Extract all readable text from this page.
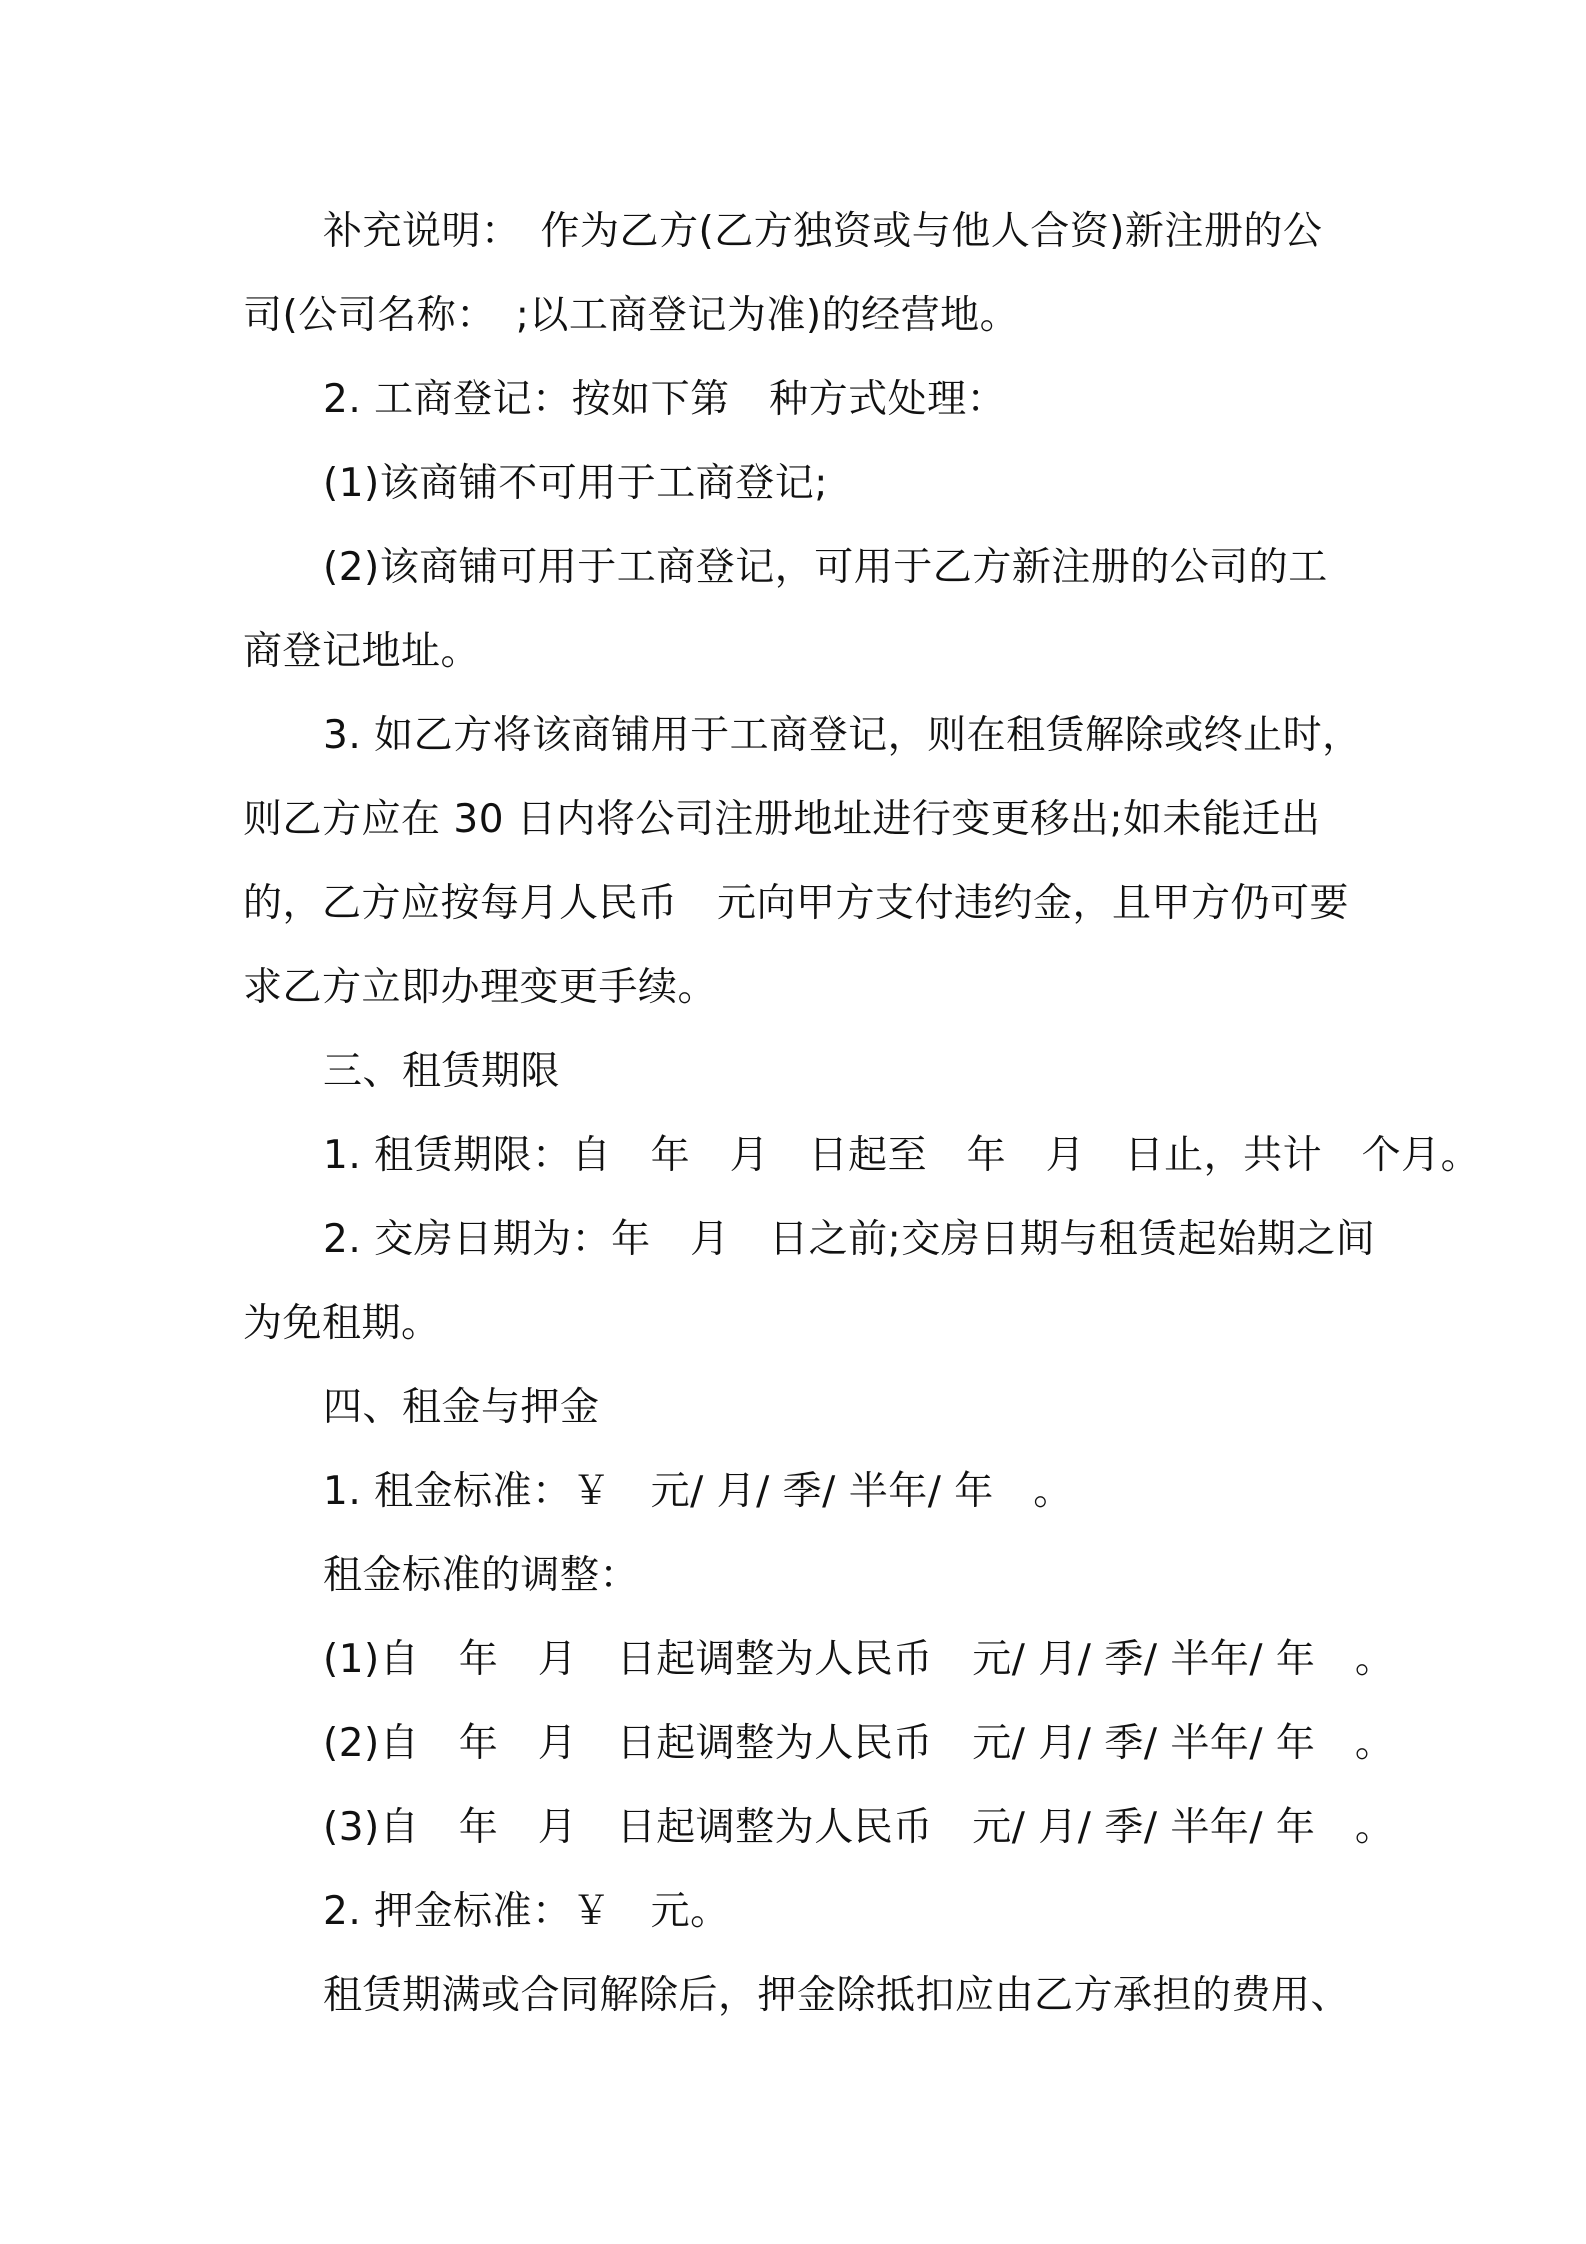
补充说明：　作为乙方(乙方独资或与他人合资)新注册的公
司(公司名称：　;以工商登记为准)的经营地。

2. 工商登记：按如下第　种方式处理：

(1)该商铺不可用于工商登记;

(2)该商铺可用于工商登记，可用于乙方新注册的公司的工
商登记地址。

3. 如乙方将该商铺用于工商登记，则在租赁解除或终止时，
则乙方应在 30 日内将公司注册地址进行变更移出;如未能迁出
的，乙方应按每月人民币　元向甲方支付违约金，且甲方仍可要
求乙方立即办理变更手续。

三、租赁期限

1. 租赁期限：自　年　月　日起至　年　月　日止，共计　个月。

2. 交房日期为：年　月　日之前;交房日期与租赁起始期之间
为免租期。

四、租金与押金

1. 租金标准：￥　元/ 月/ 季/ 半年/ 年　。

租金标准的调整：

(1)自　年　月　日起调整为人民币　元/ 月/ 季/ 半年/ 年　。

(2)自　年　月　日起调整为人民币　元/ 月/ 季/ 半年/ 年　。

(3)自　年　月　日起调整为人民币　元/ 月/ 季/ 半年/ 年　。

2. 押金标准：￥　元。

租赁期满或合同解除后，押金除抵扣应由乙方承担的费用、
